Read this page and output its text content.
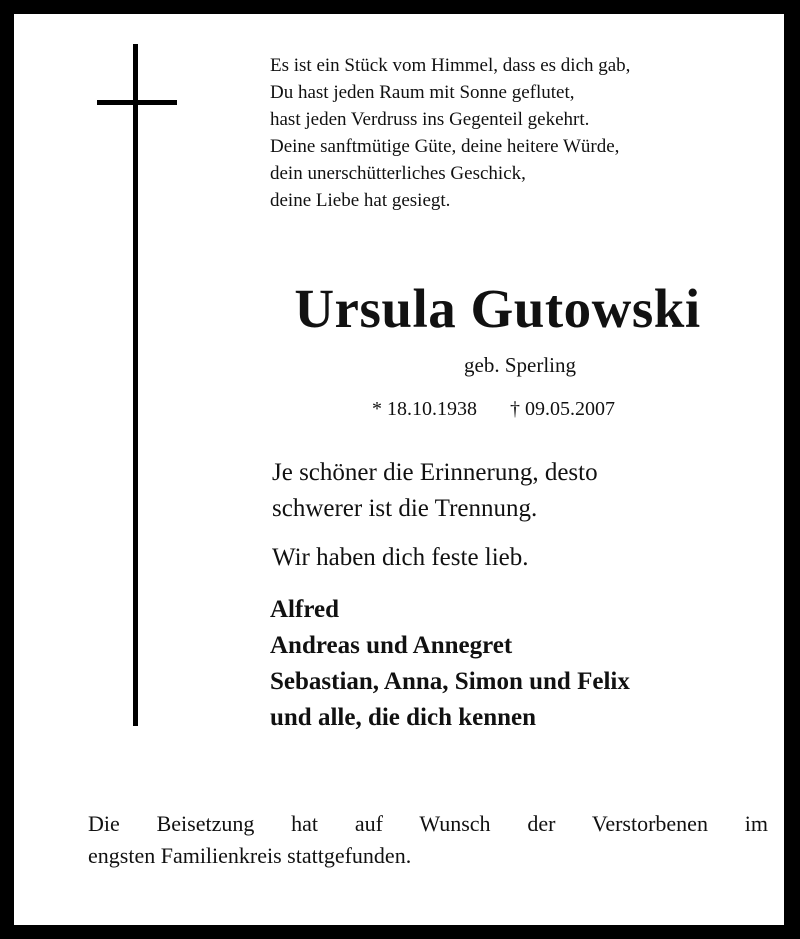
Es ist ein Stück vom Himmel, dass es dich gab,
Du hast jeden Raum mit Sonne geflutet,
hast jeden Verdruss ins Gegenteil gekehrt.
Deine sanftmütige Güte, deine heitere Würde,
dein unerschütterliches Geschick,
deine Liebe hat gesiegt.
Ursula Gutowski
geb. Sperling
* 18.10.1938 † 09.05.2007
Je schöner die Erinnerung, desto
schwerer ist die Trennung.
Wir haben dich feste lieb.
Alfred
Andreas und Annegret
Sebastian, Anna, Simon und Felix
und alle, die dich kennen
Die Beisetzung hat auf Wunsch der Verstorbenen im
engsten Familienkreis stattgefunden.
